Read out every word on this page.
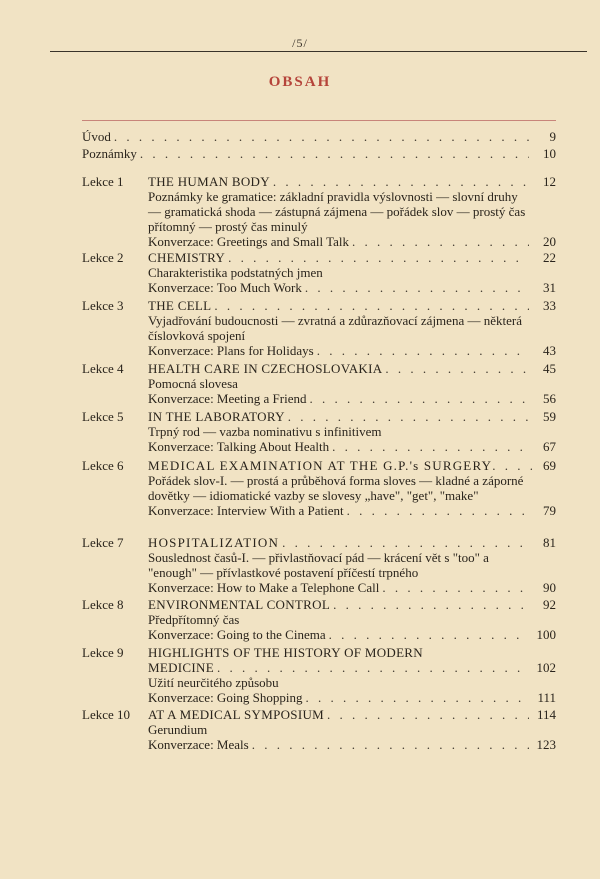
/5/
OBSAH
Úvod . . .	9
Poznámky . . .	10
Lekce 1 THE HUMAN BODY . . .	12
Poznámky ke gramatice: základní pravidla výslovnosti — slovní druhy — gramatická shoda — zástupná zájmena — pořádek slov — prostý čas přítomný — prostý čas minulý
Konverzace: Greetings and Small Talk . . .	20
Lekce 2 CHEMISTRY . . .	22
Charakteristika podstatných jmen
Konverzace: Too Much Work . . .	31
Lekce 3 THE CELL . . .	33
Vyjadřování budoucnosti — zvratná a zdůrazňovací zájmena — některá číslovková spojení
Konverzace: Plans for Holidays . . .	43
Lekce 4 HEALTH CARE IN CZECHOSLOVAKIA . . .	45
Pomocná slovesa
Konverzace: Meeting a Friend . . .	56
Lekce 5 IN THE LABORATORY . . .	59
Trpný rod — vazba nominativu s infinitivem
Konverzace: Talking About Health . . .	67
Lekce 6 MEDICAL EXAMINATION AT THE G.P.'s SURGERY . . .	69
Pořádek slov-I. — prostá a průběhová forma sloves — kladné a záporné dovětky — idiomatické vazby se slovesy „have", "get", "make"
Konverzace: Interview With a Patient . . .	79
Lekce 7 HOSPITALIZATION . . .	81
Souslednost časů-I. — přivlastňovací pád — krácení vět s "too" a "enough" — přívlastkové postavení příčestí trpného
Konverzace: How to Make a Telephone Call . . .	90
Lekce 8 ENVIRONMENTAL CONTROL . . .	92
Předpřítomný čas
Konverzace: Going to the Cinema . . .	100
Lekce 9 HIGHLIGHTS OF THE HISTORY OF MODERN
MEDICINE . . .	102
Užití neurčitého způsobu
Konverzace: Going Shopping . . .	111
Lekce 10 AT A MEDICAL SYMPOSIUM . . .	114
Gerundium
Konverzace: Meals . . .	123
